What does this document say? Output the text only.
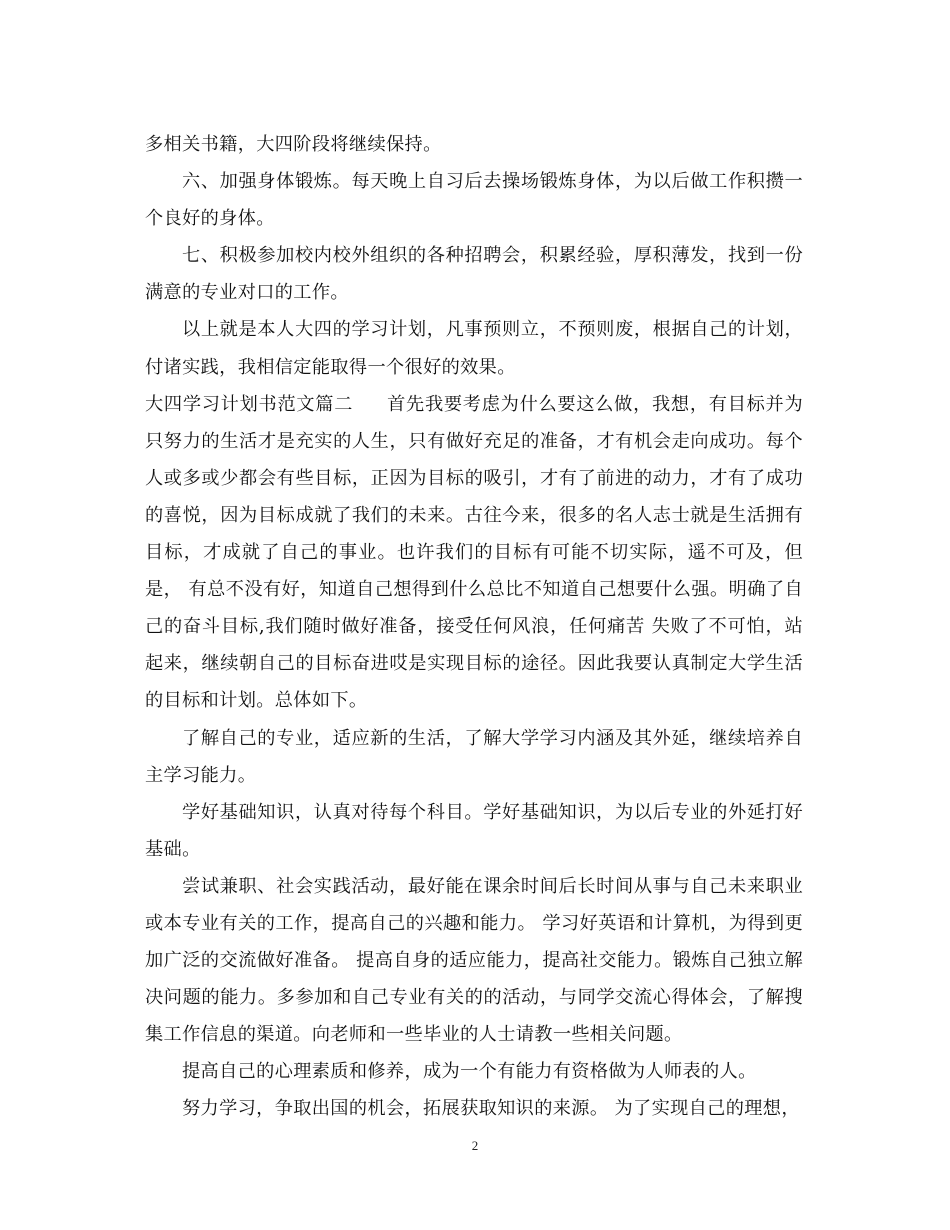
多相关书籍，大四阶段将继续保持。

六、加强身体锻炼。每天晚上自习后去操场锻炼身体，为以后做工作积攒一个良好的身体。

七、积极参加校内校外组织的各种招聘会，积累经验，厚积薄发，找到一份满意的专业对口的工作。

以上就是本人大四的学习计划，凡事预则立，不预则废，根据自己的计划，付诸实践，我相信定能取得一个很好的效果。

大四学习计划书范文篇二 首先我要考虑为什么要这么做，我想，有目标并为只努力的生活才是充实的人生，只有做好充足的准备，才有机会走向成功。每个人或多或少都会有些目标，正因为目标的吸引，才有了前进的动力，才有了成功的喜悦，因为目标成就了我们的未来。古往今来，很多的名人志士就是生活拥有目标，才成就了自己的事业。也许我们的目标有可能不切实际，遥不可及，但是， 有总不没有好，知道自己想得到什么总比不知道自己想要什么强。明确了自己的奋斗目标,我们随时做好准备，接受任何风浪，任何痛苦 失败了不可怕，站起来，继续朝自己的目标奋进哎是实现目标的途径。因此我要认真制定大学生活的目标和计划。总体如下。

了解自己的专业，适应新的生活，了解大学学习内涵及其外延，继续培养自主学习能力。

学好基础知识，认真对待每个科目。学好基础知识，为以后专业的外延打好基础。

尝试兼职、社会实践活动，最好能在课余时间后长时间从事与自己未来职业或本专业有关的工作，提高自己的兴趣和能力。 学习好英语和计算机，为得到更加广泛的交流做好准备。 提高自身的适应能力，提高社交能力。锻炼自己独立解决问题的能力。多参加和自己专业有关的的活动，与同学交流心得体会，了解搜集工作信息的渠道。向老师和一些毕业的人士请教一些相关问题。

提高自己的心理素质和修养，成为一个有能力有资格做为人师表的人。

努力学习，争取出国的机会，拓展获取知识的来源。 为了实现自己的理想，

2
